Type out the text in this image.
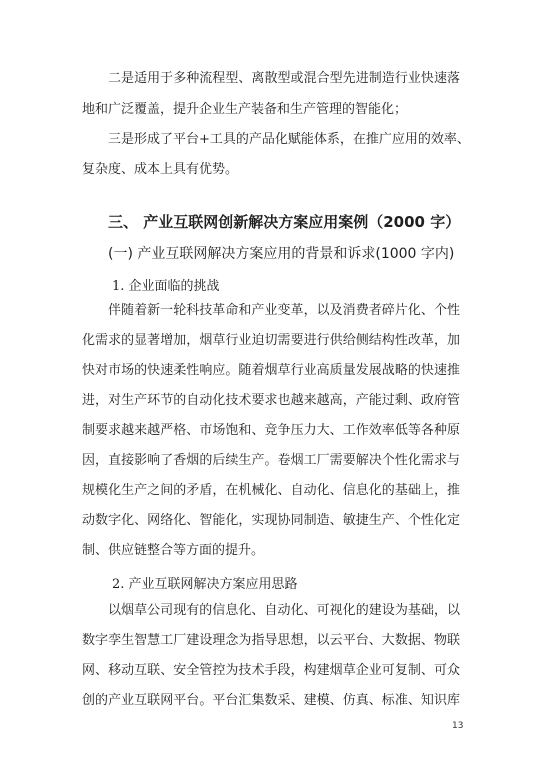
二是适用于多种流程型、离散型或混合型先进制造行业快速落
地和广泛覆盖，提升企业生产装备和生产管理的智能化；
三是形成了平台+工具的产品化赋能体系，在推广应用的效率、
复杂度、成本上具有优势。
三、 产业互联网创新解决方案应用案例（2000 字）
(一) 产业互联网解决方案应用的背景和诉求(1000 字内)
1. 企业面临的挑战
伴随着新一轮科技革命和产业变革，以及消费者碎片化、个性
化需求的显著增加，烟草行业迫切需要进行供给侧结构性改革，加
快对市场的快速柔性响应。随着烟草行业高质量发展战略的快速推
进，对生产环节的自动化技术要求也越来越高，产能过剩、政府管
制要求越来越严格、市场饱和、竞争压力大、工作效率低等各种原
因，直接影响了香烟的后续生产。卷烟工厂需要解决个性化需求与
规模化生产之间的矛盾，在机械化、自动化、信息化的基础上，推
动数字化、网络化、智能化，实现协同制造、敏捷生产、个性化定
制、供应链整合等方面的提升。
2. 产业互联网解决方案应用思路
以烟草公司现有的信息化、自动化、可视化的建设为基础，以
数字孪生智慧工厂建设理念为指导思想，以云平台、大数据、物联
网、移动互联、安全管控为技术手段，构建烟草企业可复制、可众
创的产业互联网平台。平台汇集数采、建模、仿真、标准、知识库
13
